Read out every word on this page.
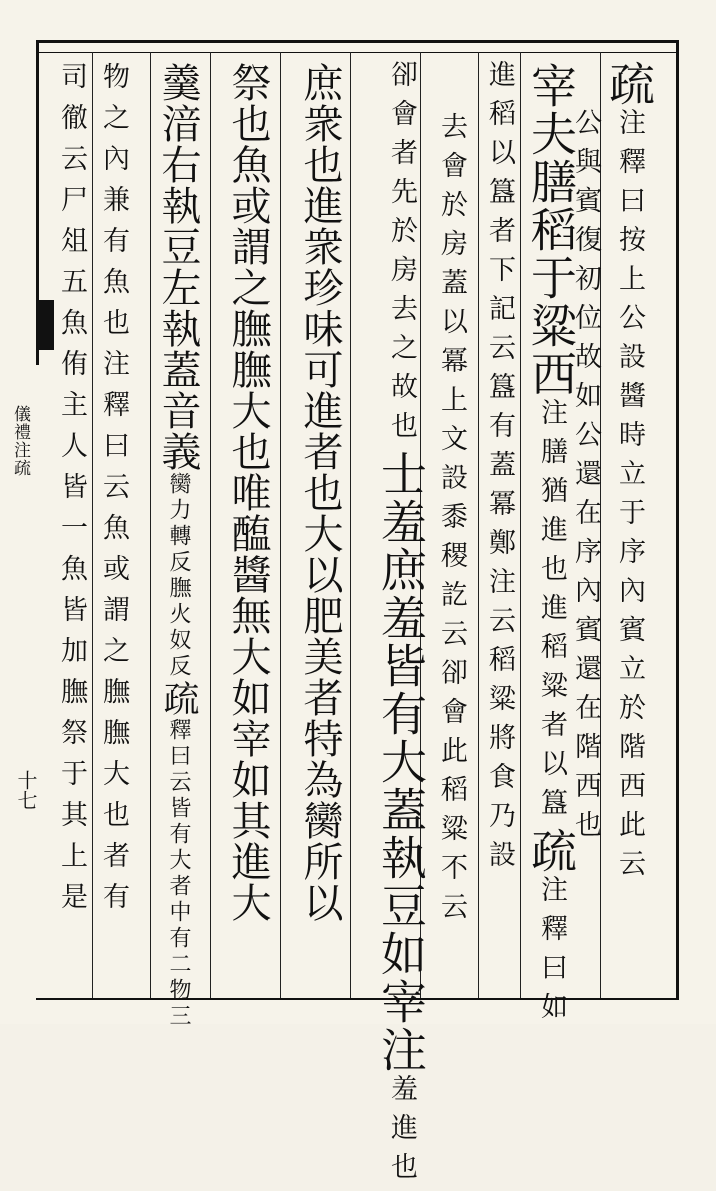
儀禮注疏
十七
疏注釋曰按上公設醬時立于序內賓立於階西此云
公與賓復初位故如公還在序內賓還在階西也
宰夫膳稻于粱西注膳猶進也進稻粱者以簋疏注釋曰如
進稻以簋者下記云簋有蓋冪鄭注云稻粱將食乃設
去會於房蓋以冪上文設黍稷訖云卻會此稻粱不云
卻會者先於房去之故也士羞庶羞皆有大蓋執豆如宰注羞進也
庶衆也進衆珍味可進者也大以肥美者特為臠所以
祭也魚或謂之膴膴大也唯醢醬無大如宰如其進大
羹湆右執豆左執蓋音義臠力轉反膴火奴反疏釋曰云皆有大者中有二物三
物之內兼有魚也注釋曰云魚或謂之膴膴大也者有
司徹云尸俎五魚侑主人皆一魚皆加膴祭于其上是
